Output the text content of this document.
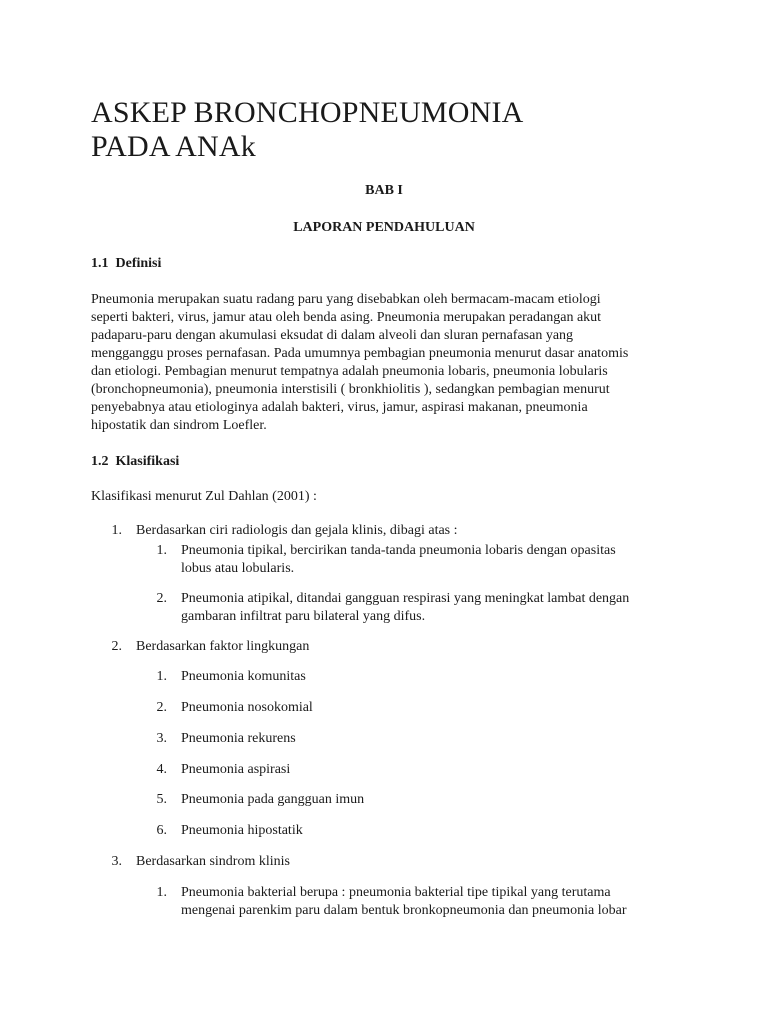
ASKEP BRONCHOPNEUMONIA
PADA ANAk

BAB I

LAPORAN PENDAHULUAN

1.1  Definisi

Pneumonia merupakan suatu radang paru yang disebabkan oleh bermacam-macam etiologi
seperti bakteri, virus, jamur atau oleh benda asing. Pneumonia merupakan peradangan akut
padaparu-paru dengan akumulasi eksudat di dalam alveoli dan sluran pernafasan yang
mengganggu proses pernafasan. Pada umumnya pembagian pneumonia menurut dasar anatomis
dan etiologi. Pembagian menurut tempatnya adalah pneumonia lobaris, pneumonia lobularis
(bronchopneumonia), pneumonia interstisili ( bronkhiolitis ), sedangkan pembagian menurut
penyebabnya atau etiologinya adalah bakteri, virus, jamur, aspirasi makanan, pneumonia
hipostatik dan sindrom Loefler.

1.2  Klasifikasi

Klasifikasi menurut Zul Dahlan (2001) :

1. Berdasarkan ciri radiologis dan gejala klinis, dibagi atas :
1. Pneumonia tipikal, bercirikan tanda-tanda pneumonia lobaris dengan opasitas
lobus atau lobularis.
2. Pneumonia atipikal, ditandai gangguan respirasi yang meningkat lambat dengan
gambaran infiltrat paru bilateral yang difus.
2. Berdasarkan faktor lingkungan
1. Pneumonia komunitas
2. Pneumonia nosokomial
3. Pneumonia rekurens
4. Pneumonia aspirasi
5. Pneumonia pada gangguan imun
6. Pneumonia hipostatik
3. Berdasarkan sindrom klinis
1. Pneumonia bakterial berupa : pneumonia bakterial tipe tipikal yang terutama
mengenai parenkim paru dalam bentuk bronkopneumonia dan pneumonia lobar
